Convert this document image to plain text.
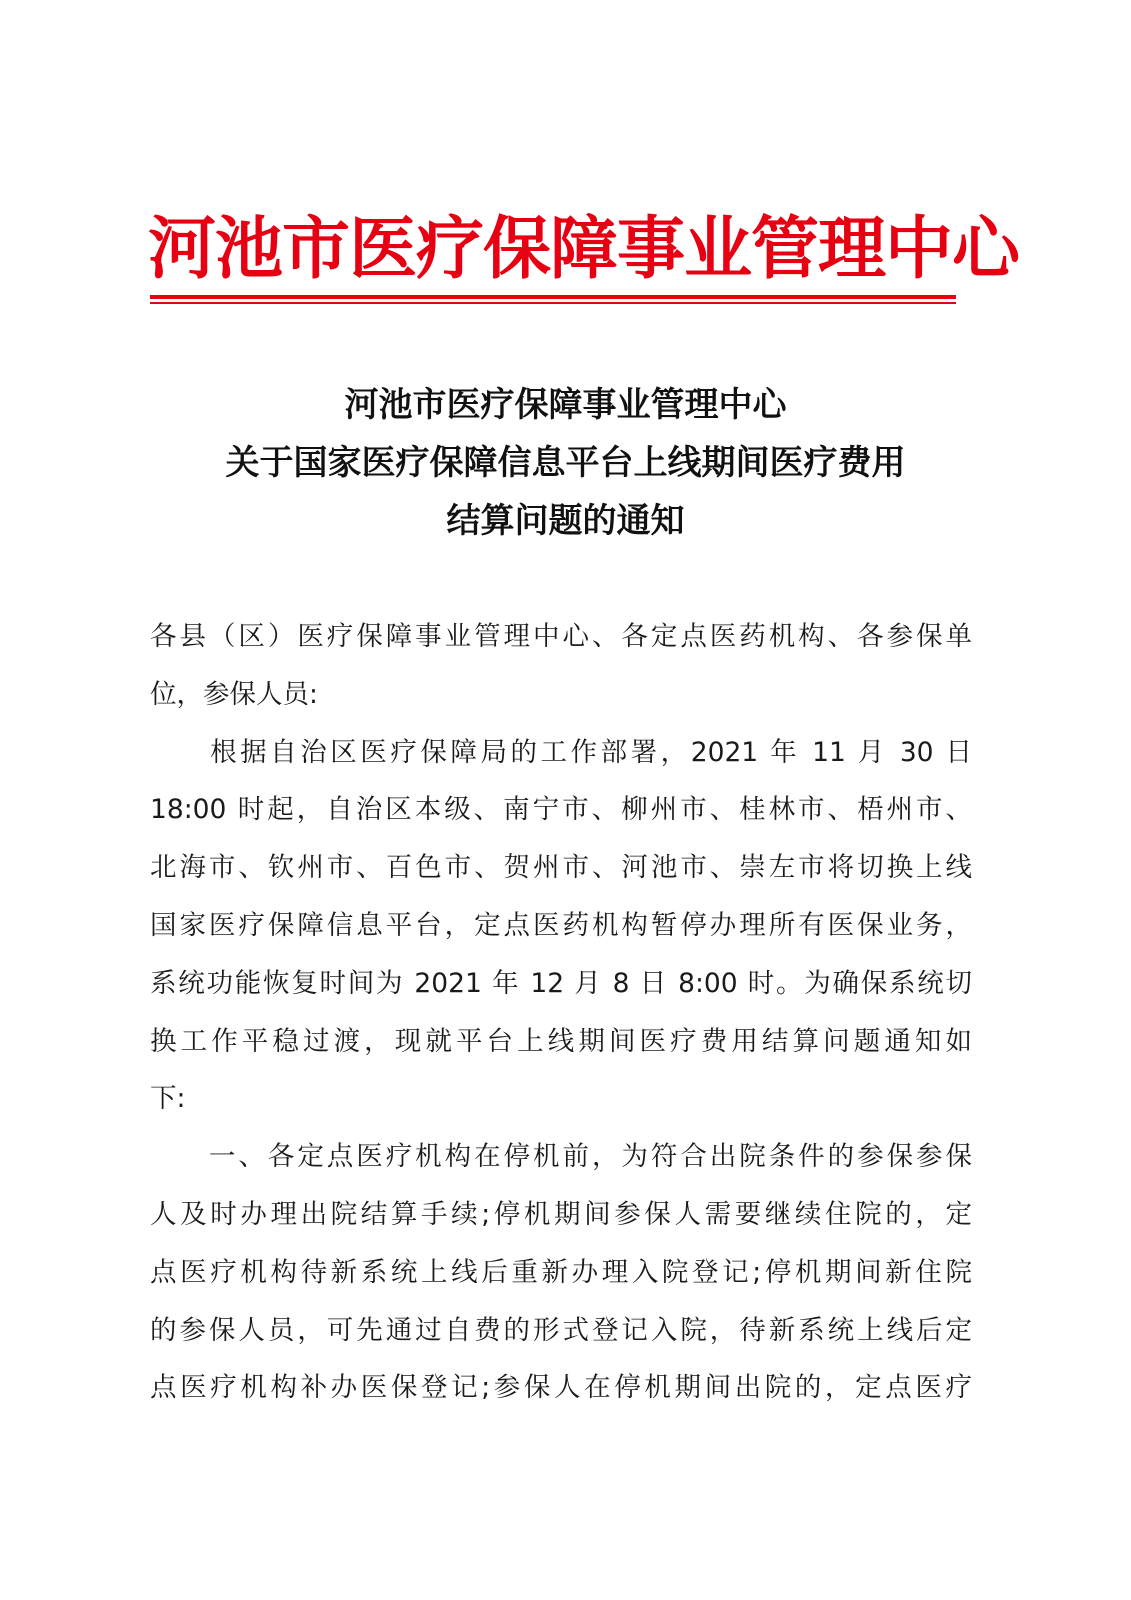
河池市医疗保障事业管理中心
河池市医疗保障事业管理中心
关于国家医疗保障信息平台上线期间医疗费用
结算问题的通知
各县（区）医疗保障事业管理中心、各定点医药机构、各参保单
位，参保人员:
　　根据自治区医疗保障局的工作部署，2021 年 11 月 30 日
18:00 时起，自治区本级、南宁市、柳州市、桂林市、梧州市、
北海市、钦州市、百色市、贺州市、河池市、崇左市将切换上线
国家医疗保障信息平台，定点医药机构暂停办理所有医保业务，
系统功能恢复时间为 2021 年 12 月 8 日 8:00 时。为确保系统切
换工作平稳过渡，现就平台上线期间医疗费用结算问题通知如
下:
　　一、各定点医疗机构在停机前，为符合出院条件的参保参保
人及时办理出院结算手续;停机期间参保人需要继续住院的，定
点医疗机构待新系统上线后重新办理入院登记;停机期间新住院
的参保人员，可先通过自费的形式登记入院，待新系统上线后定
点医疗机构补办医保登记;参保人在停机期间出院的，定点医疗
